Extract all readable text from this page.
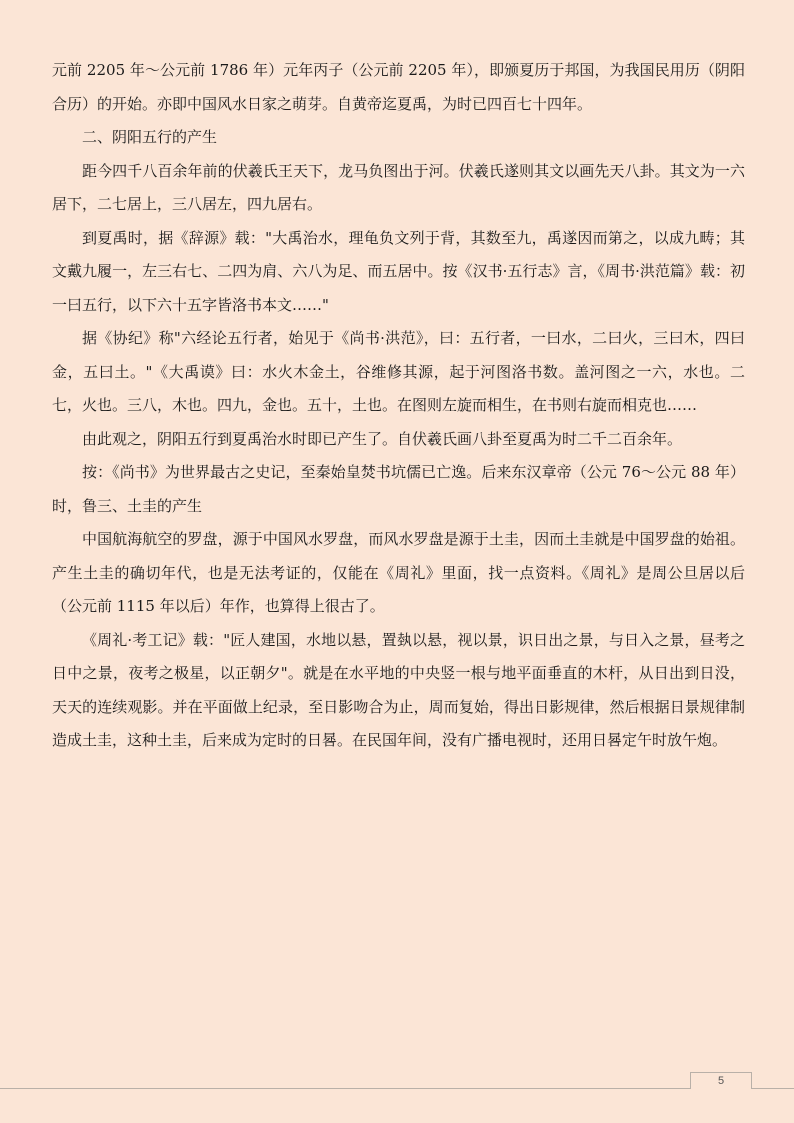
元前 2205 年～公元前 1786 年）元年丙子（公元前 2205 年），即颁夏历于邦国，为我国民用历（阴阳合历）的开始。亦即中国风水日家之萌芽。自黄帝迄夏禹，为时已四百七十四年。

二、阴阳五行的产生

距今四千八百余年前的伏羲氏王天下，龙马负图出于河。伏羲氏遂则其文以画先天八卦。其文为一六居下，二七居上，三八居左，四九居右。

到夏禹时，据《辞源》载："大禹治水，理龟负文列于背，其数至九，禹遂因而第之，以成九畴；其文戴九履一，左三右七、二四为肩、六八为足、而五居中。按《汉书·五行志》言，《周书·洪范篇》载：初一曰五行，以下六十五字皆洛书本文……"

据《协纪》称"六经论五行者，始见于《尚书·洪范》，曰：五行者，一曰水，二曰火，三曰木，四曰金，五曰土。"《大禹谟》曰：水火木金土，谷维修其源，起于河图洛书数。盖河图之一六，水也。二七，火也。三八，木也。四九，金也。五十，土也。在图则左旋而相生，在书则右旋而相克也……

由此观之，阴阳五行到夏禹治水时即已产生了。自伏羲氏画八卦至夏禹为时二千二百余年。

按：《尚书》为世界最古之史记，至秦始皇焚书坑儒已亡逸。后来东汉章帝（公元 76～公元 88 年）时，鲁三、土圭的产生

中国航海航空的罗盘，源于中国风水罗盘，而风水罗盘是源于土圭，因而土圭就是中国罗盘的始祖。产生土圭的确切年代，也是无法考证的，仅能在《周礼》里面，找一点资料。《周礼》是周公旦居以后（公元前 1115 年以后）年作，也算得上很古了。

《周礼·考工记》载："匠人建国，水地以悬，置埶以悬，视以景，识日出之景，与日入之景，昼考之日中之景，夜考之极星，以正朝夕"。就是在水平地的中央竖一根与地平面垂直的木杆，从日出到日没，天天的连续观影。并在平面做上纪录，至日影吻合为止，周而复始，得出日影规律，然后根据日景规律制造成土圭，这种土圭，后来成为定时的日晷。在民国年间，没有广播电视时，还用日晷定午时放午炮。

5
